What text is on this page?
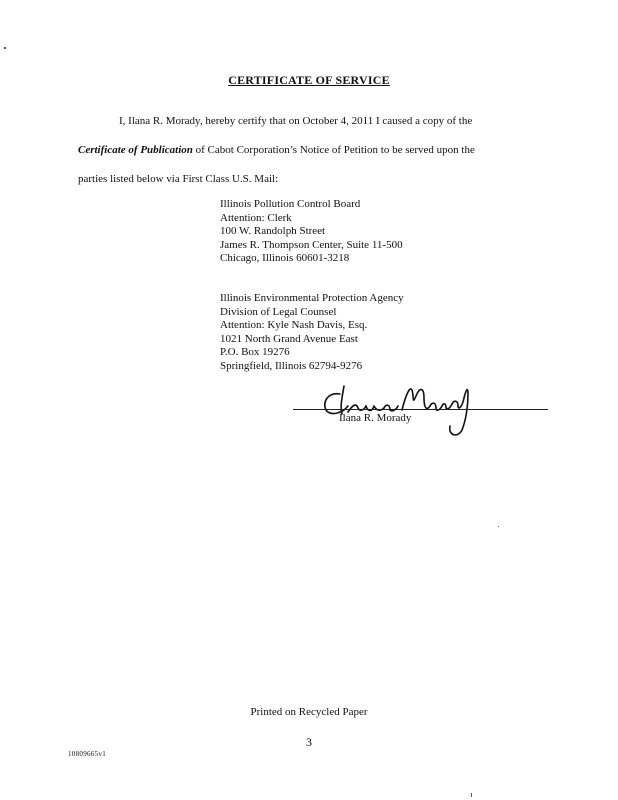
CERTIFICATE OF SERVICE
I, Ilana R. Morady, hereby certify that on October 4, 2011 I caused a copy of the
Certificate of Publication of Cabot Corporation’s Notice of Petition to be served upon the
parties listed below via First Class U.S. Mail:
Illinois Pollution Control Board
Attention: Clerk
100 W. Randolph Street
James R. Thompson Center, Suite 11-500
Chicago, Illinois 60601-3218
Illinois Environmental Protection Agency
Division of Legal Counsel
Attention: Kyle Nash Davis, Esq.
1021 North Grand Avenue East
P.O. Box 19276
Springfield, Illinois 62794-9276
Ilana R. Morady
Printed on Recycled Paper
3
10809665v1
